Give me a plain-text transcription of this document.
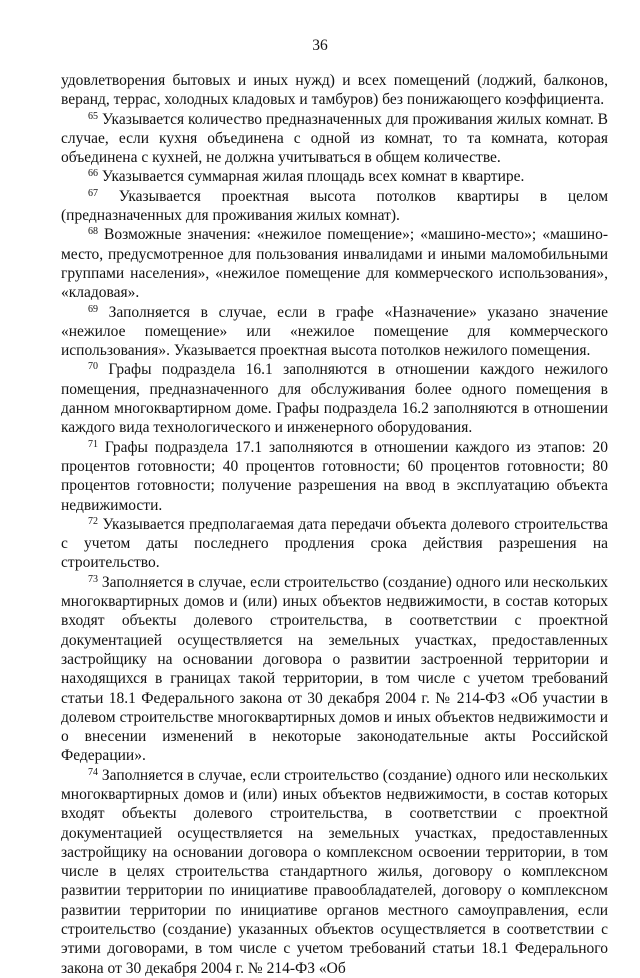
36

удовлетворения бытовых и иных нужд) и всех помещений (лоджий, балконов, веранд, террас, холодных кладовых и тамбуров) без понижающего коэффициента.

$^{65}$ Указывается количество предназначенных для проживания жилых комнат. В случае, если кухня объединена с одной из комнат, то та комната, которая объединена с кухней, не должна учитываться в общем количестве.

$^{66}$ Указывается суммарная жилая площадь всех комнат в квартире.

$^{67}$ Указывается проектная высота потолков квартиры в целом (предназначенных для проживания жилых комнат).

$^{68}$ Возможные значения: «нежилое помещение»; «машино-место»; «машино-место, предусмотренное для пользования инвалидами и иными маломобильными группами населения», «нежилое помещение для коммерческого использования», «кладовая».

$^{69}$ Заполняется в случае, если в графе «Назначение» указано значение «нежилое помещение» или «нежилое помещение для коммерческого использования». Указывается проектная высота потолков нежилого помещения.

$^{70}$ Графы подраздела 16.1 заполняются в отношении каждого нежилого помещения, предназначенного для обслуживания более одного помещения в данном многоквартирном доме. Графы подраздела 16.2 заполняются в отношении каждого вида технологического и инженерного оборудования.

$^{71}$ Графы подраздела 17.1 заполняются в отношении каждого из этапов: 20 процентов готовности; 40 процентов готовности; 60 процентов готовности; 80 процентов готовности; получение разрешения на ввод в эксплуатацию объекта недвижимости.

$^{72}$ Указывается предполагаемая дата передачи объекта долевого строительства с учетом даты последнего продления срока действия разрешения на строительство.

$^{73}$ Заполняется в случае, если строительство (создание) одного или нескольких многоквартирных домов и (или) иных объектов недвижимости, в состав которых входят объекты долевого строительства, в соответствии с проектной документацией осуществляется на земельных участках, предоставленных застройщику на основании договора о развитии застроенной территории и находящихся в границах такой территории, в том числе с учетом требований статьи 18.1 Федерального закона от 30 декабря 2004 г. № 214-ФЗ «Об участии в долевом строительстве многоквартирных домов и иных объектов недвижимости и о внесении изменений в некоторые законодательные акты Российской Федерации».

$^{74}$ Заполняется в случае, если строительство (создание) одного или нескольких многоквартирных домов и (или) иных объектов недвижимости, в состав которых входят объекты долевого строительства, в соответствии с проектной документацией осуществляется на земельных участках, предоставленных застройщику на основании договора о комплексном освоении территории, в том числе в целях строительства стандартного жилья, договору о комплексном развитии территории по инициативе правообладателей, договору о комплексном развитии территории по инициативе органов местного самоуправления, если строительство (создание) указанных объектов осуществляется в соответствии с этими договорами, в том числе с учетом требований статьи 18.1 Федерального закона от 30 декабря 2004 г. № 214-ФЗ «Об
